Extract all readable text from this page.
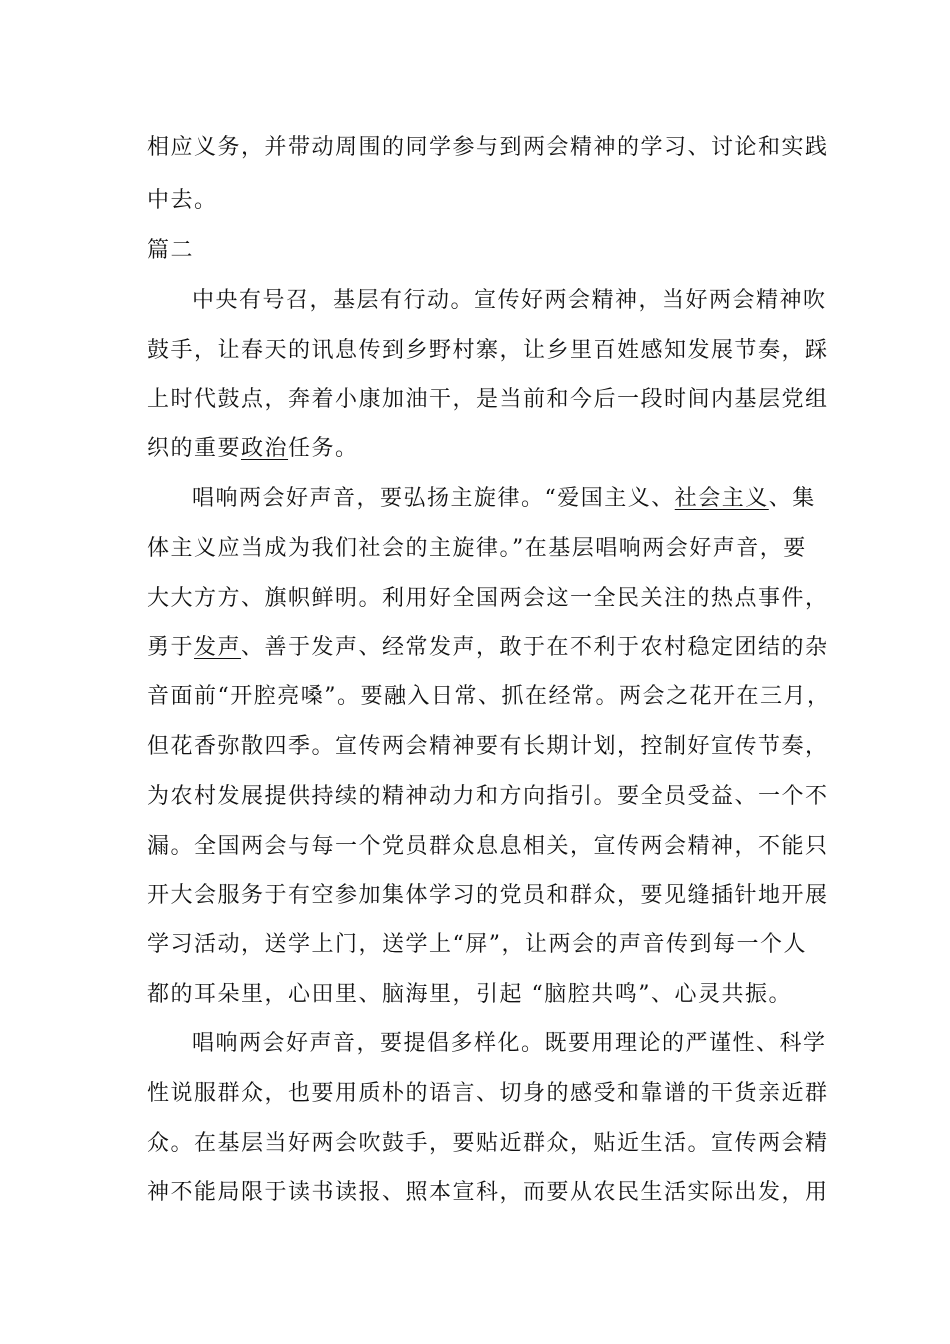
相应义务，并带动周围的同学参与到两会精神的学习、讨论和实践
中去。
篇二
中央有号召，基层有行动。宣传好两会精神，当好两会精神吹
鼓手，让春天的讯息传到乡野村寨，让乡里百姓感知发展节奏，踩
上时代鼓点，奔着小康加油干，是当前和今后一段时间内基层党组
织的重要政治任务。
唱响两会好声音，要弘扬主旋律。“爱国主义、社会主义、集
体主义应当成为我们社会的主旋律。”在基层唱响两会好声音，要
大大方方、旗帜鲜明。利用好全国两会这一全民关注的热点事件，
勇于发声、善于发声、经常发声，敢于在不利于农村稳定团结的杂
音面前“开腔亮嗓”。要融入日常、抓在经常。两会之花开在三月，
但花香弥散四季。宣传两会精神要有长期计划，控制好宣传节奏，
为农村发展提供持续的精神动力和方向指引。要全员受益、一个不
漏。全国两会与每一个党员群众息息相关，宣传两会精神，不能只
开大会服务于有空参加集体学习的党员和群众，要见缝插针地开展
学习活动，送学上门，送学上“屏”，让两会的声音传到每一个人
都的耳朵里，心田里、脑海里，引起 “脑腔共鸣”、心灵共振。
唱响两会好声音，要提倡多样化。既要用理论的严谨性、科学
性说服群众，也要用质朴的语言、切身的感受和靠谱的干货亲近群
众。在基层当好两会吹鼓手，要贴近群众，贴近生活。宣传两会精
神不能局限于读书读报、照本宣科，而要从农民生活实际出发，用
